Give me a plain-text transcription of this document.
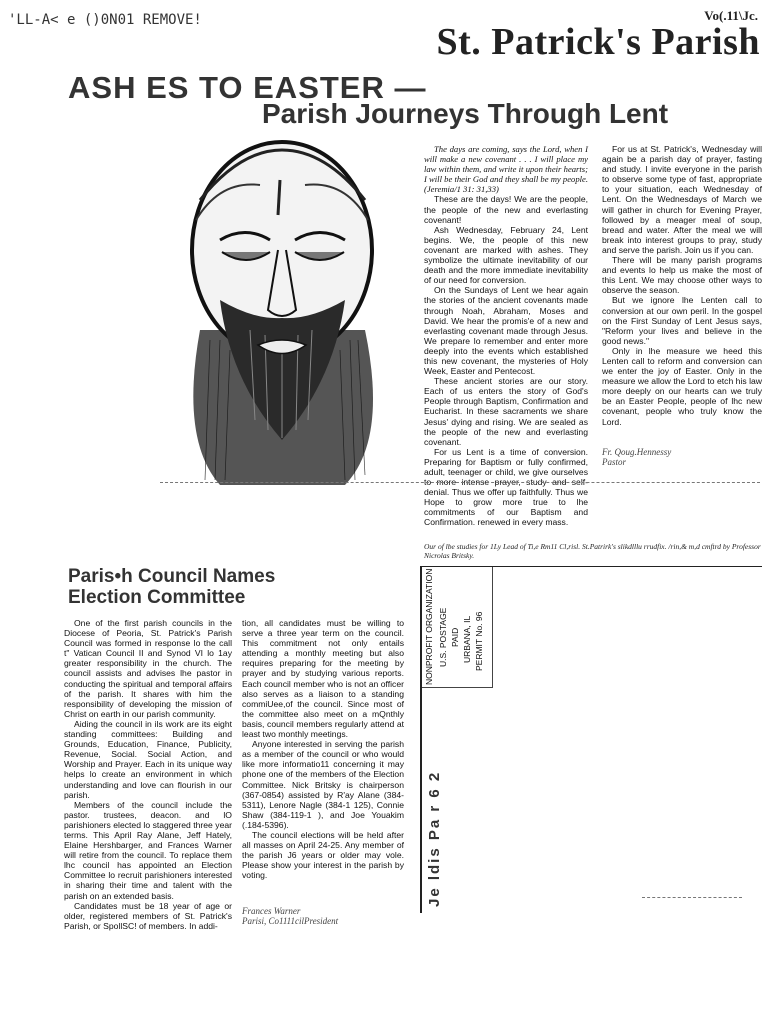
'LL-A< e ()0N01 REMOVE!	Vo(.11\Jc.
St. Patrick's Parish
ASH ES TO EASTER —
Parish Journeys Through Lent

The days are coming, says the Lord, when I will make a new covenant . . . I will place my law within them, and write it upon their hearts; I will be their God and they shall be my people. (Jeremia/1 31: 31,33)

These are the days! We are the people, the people of the new and everlasting covenant!

Ash Wednesday, February 24, Lent begins. We, the people of this new covenant are marked with ashes. They symbolize the ultimate inevitability of our death and the more immediate inevitability of our need for conversion.

On the Sundays of Lent we hear again the stories of the ancient covenants made through Noah, Abraham, Moses and David. We hear the promis'e of a new and everlasting covenant made through Jesus. We prepare lo remember and enter more deeply into the events which established this new covenant, the mysteries of Holy Week, Easter and Pentecost.

These ancient stories are our story. Each of us enters the story of God's People through Baptism, Confirmation and Eucharist. In these sacraments we share Jesus' dying and rising. We are sealed as the people of the new and everlasting covenant.

For us Lent is a time of conversion. Preparing for Baptism or fully confirmed, adult, teenager or child, we give ourselves to more intense prayer, study and self-denial. Thus we offer up faithfully. Thus we Hope to grow more true to lhe commitments of our Baptism and Confirmation. renewed in every mass.

For us at St. Patrick's, Wednesday will again be a parish day of prayer, fasting and study. I invite everyone in the parish to observe some type of fast, appropriate to your situation, each Wednesday of Lent. On the Wednesdays of March we will gather in church for Evening Prayer, followed by a meager meal of soup, bread and water. After the meal we will break into interest groups to pray, study and serve the parish. Join us if you can.

There will be many parish programs and events lo help us make the most of this Lent. We may choose other ways to observe the season.

But we ignore lhe Lenten call to conversion at our own peril. In the gospel on the First Sunday of Lent Jesus says, "Reform your lives and believe in the good news."

Only in lhe measure we heed this Lenten call to reform and conversion can we enter the joy of Easter. Only in the measure we allow the Lord to etch his law more deeply on our hearts can we truly be an Easter People, people of lhc new covenant, people who truly know the Lord.

Fr. Qoug.Hennessy
Pastor
Our of lbe studies for 1Ly Lead of Ti,e Rm11 Cl,risl. St.Patrirk's slikdlllu rrudfix. /rin,& m,d cmftrd by Professor Nicrolas Britsky.
Paris•h Council Names
Election Committee

One of the first parish councils in the Diocese of Peoria, St. Patrick's Parish Council was formed in response lo the call t" Vatican Council II and Synod VI lo 1ay greater responsibility in the church. The council assists and advises lhe pastor in conducting the spiritual and temporal affairs of the parish. It shares with him the responsibility of developing the mission of Christ on earth in our parish community.

Aiding the council in ils work are its eight standing committees: Building and Grounds, Education, Finance, Publicity, Revenue, Social. Social Action, and Worship and Prayer. Each in its unique way helps lo create an environment in which understanding and love can flourish in our parish.

Members of the council include the pastor. trustees, deacon. and lO parishioners elected lo staggered three year terms. This April Ray Alane, Jeff Hately, Elaine Hershbarger, and Frances Warner will retire from the council. To replace them lhc council has appointed an Election Committee lo recruit parishioners interested in sharing their time and talent with the parish on an extended basis.

Candidates must be 18 year of age or older, registered members of St. Patrick's Parish, or SpollSC! of members. In addi-

tion, all candidates must be willing to serve a three year term on the council. This commitment not only entails attending a monthly meeting but also requires preparing for the meeting by prayer and by studying various reports. Each council member who is not an officer also serves as a liaison to a standing commiUee,of the council. Since most of the committee also meet on a mQnthly basis, council members regularly attend at least two monthly meetings.

Anyone interested in serving the parish as a member of the council or who would like more informatio11 concerning it may phone one of the members of the Election Committee. Nick Britsky is chairperson (367-0854) assisted by R'ay Alane (384-5311), Lenore Nagle (384-1 125), Connie Shaw (384-119-1 ), and Joe Youakim (.184-5396).

The council elections will be held after all masses on April 24-25. Any member of the parish J6 years or older may vole. Please show your interest in the parish by voting.

Frances Warner
Parisi, Co1111cilPresident
NONPROFIT ORGANIZATION U.S. POSTAGE PAID URBANA, IL PERMIT No. 96
Je ldis Pa r 6 2
